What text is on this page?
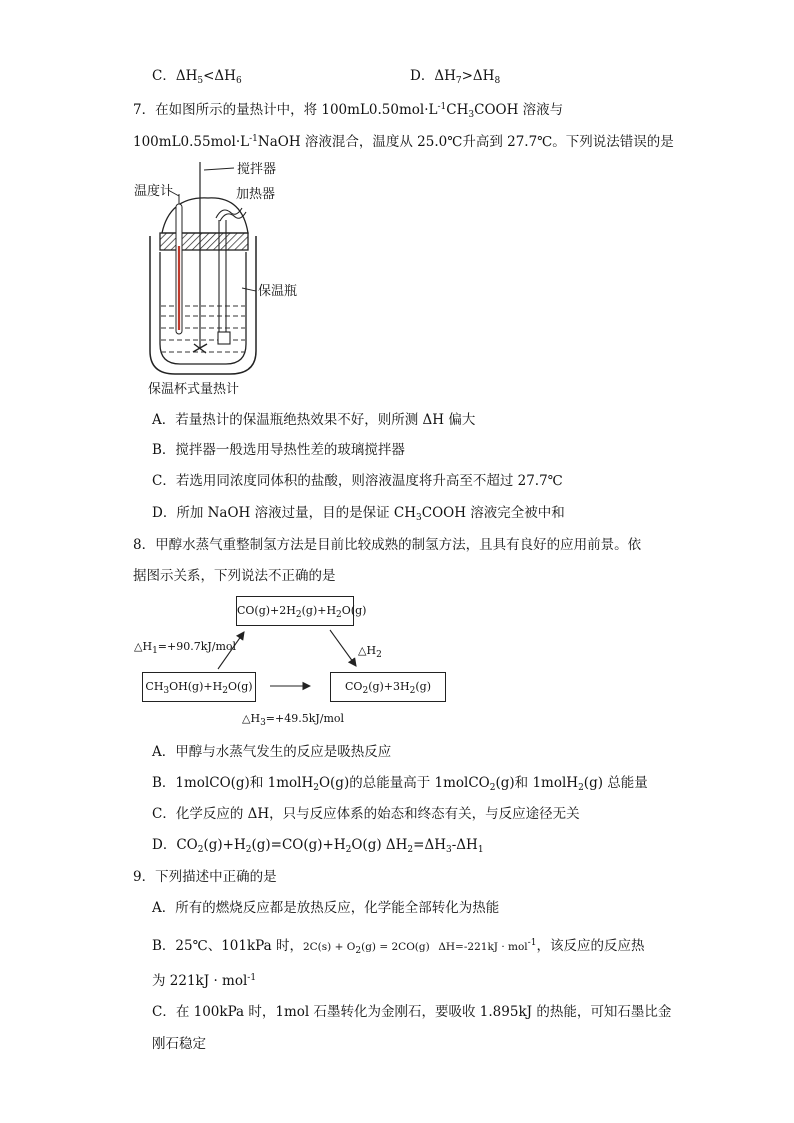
C．$\Delta H_5<\Delta H_6$	D．$\Delta H_7>\Delta H_8$
7．在如图所示的量热计中，将 $100mL0.50mol\cdot L^{-1}CH_3COOH$ 溶液与
$100mL0.55mol\cdot L^{-1}NaOH$ 溶液混合，温度从 25.0℃升高到 27.7℃。下列说法错误的是
搅拌器
温度计	加热器
保温瓶
保温杯式量热计
A．若量热计的保温瓶绝热效果不好，则所测 ΔH 偏大
B．搅拌器一般选用导热性差的玻璃搅拌器
C．若选用同浓度同体积的盐酸，则溶液温度将升高至不超过 27.7℃
D．所加 NaOH 溶液过量，目的是保证 $CH_3COOH$ 溶液完全被中和
8．甲醇水蒸气重整制氢方法是目前比较成熟的制氢方法，且具有良好的应用前景。依
据图示关系，下列说法不正确的是
$CO(g)+2H_2(g)+H_2O(g)$
$CH_3OH(g)+H_2O(g)$	$CO_2(g)+3H_2(g)$
$\triangle H_1=+90.7kJ$/mol	$\triangle H_2$
$\triangle H_3=+49.5kJ$/mol
A．甲醇与水蒸气发生的反应是吸热反应
B．1molCO(g)和 1molH$_2$O(g)的总能量高于 1molCO$_2$(g)和 1molH$_2$(g) 总能量
C．化学反应的 ΔH，只与反应体系的始态和终态有关，与反应途径无关
D．$CO_2(g)+H_2(g)=CO(g)+H_2O(g)$ $\Delta H_2=\Delta H_3-\Delta H_1$
9．下列描述中正确的是
A．所有的燃烧反应都是放热反应，化学能全部转化为热能
B．25℃、101kPa 时，$2C(s) + O_2(g) = 2CO(g) \Delta H=-221kJ \cdot mol^{-1}$，该反应的反应热
为 221kJ · mol$^{-1}$
C．在 100kPa 时，1mol 石墨转化为金刚石，要吸收 1.895kJ 的热能，可知石墨比金
刚石稳定
